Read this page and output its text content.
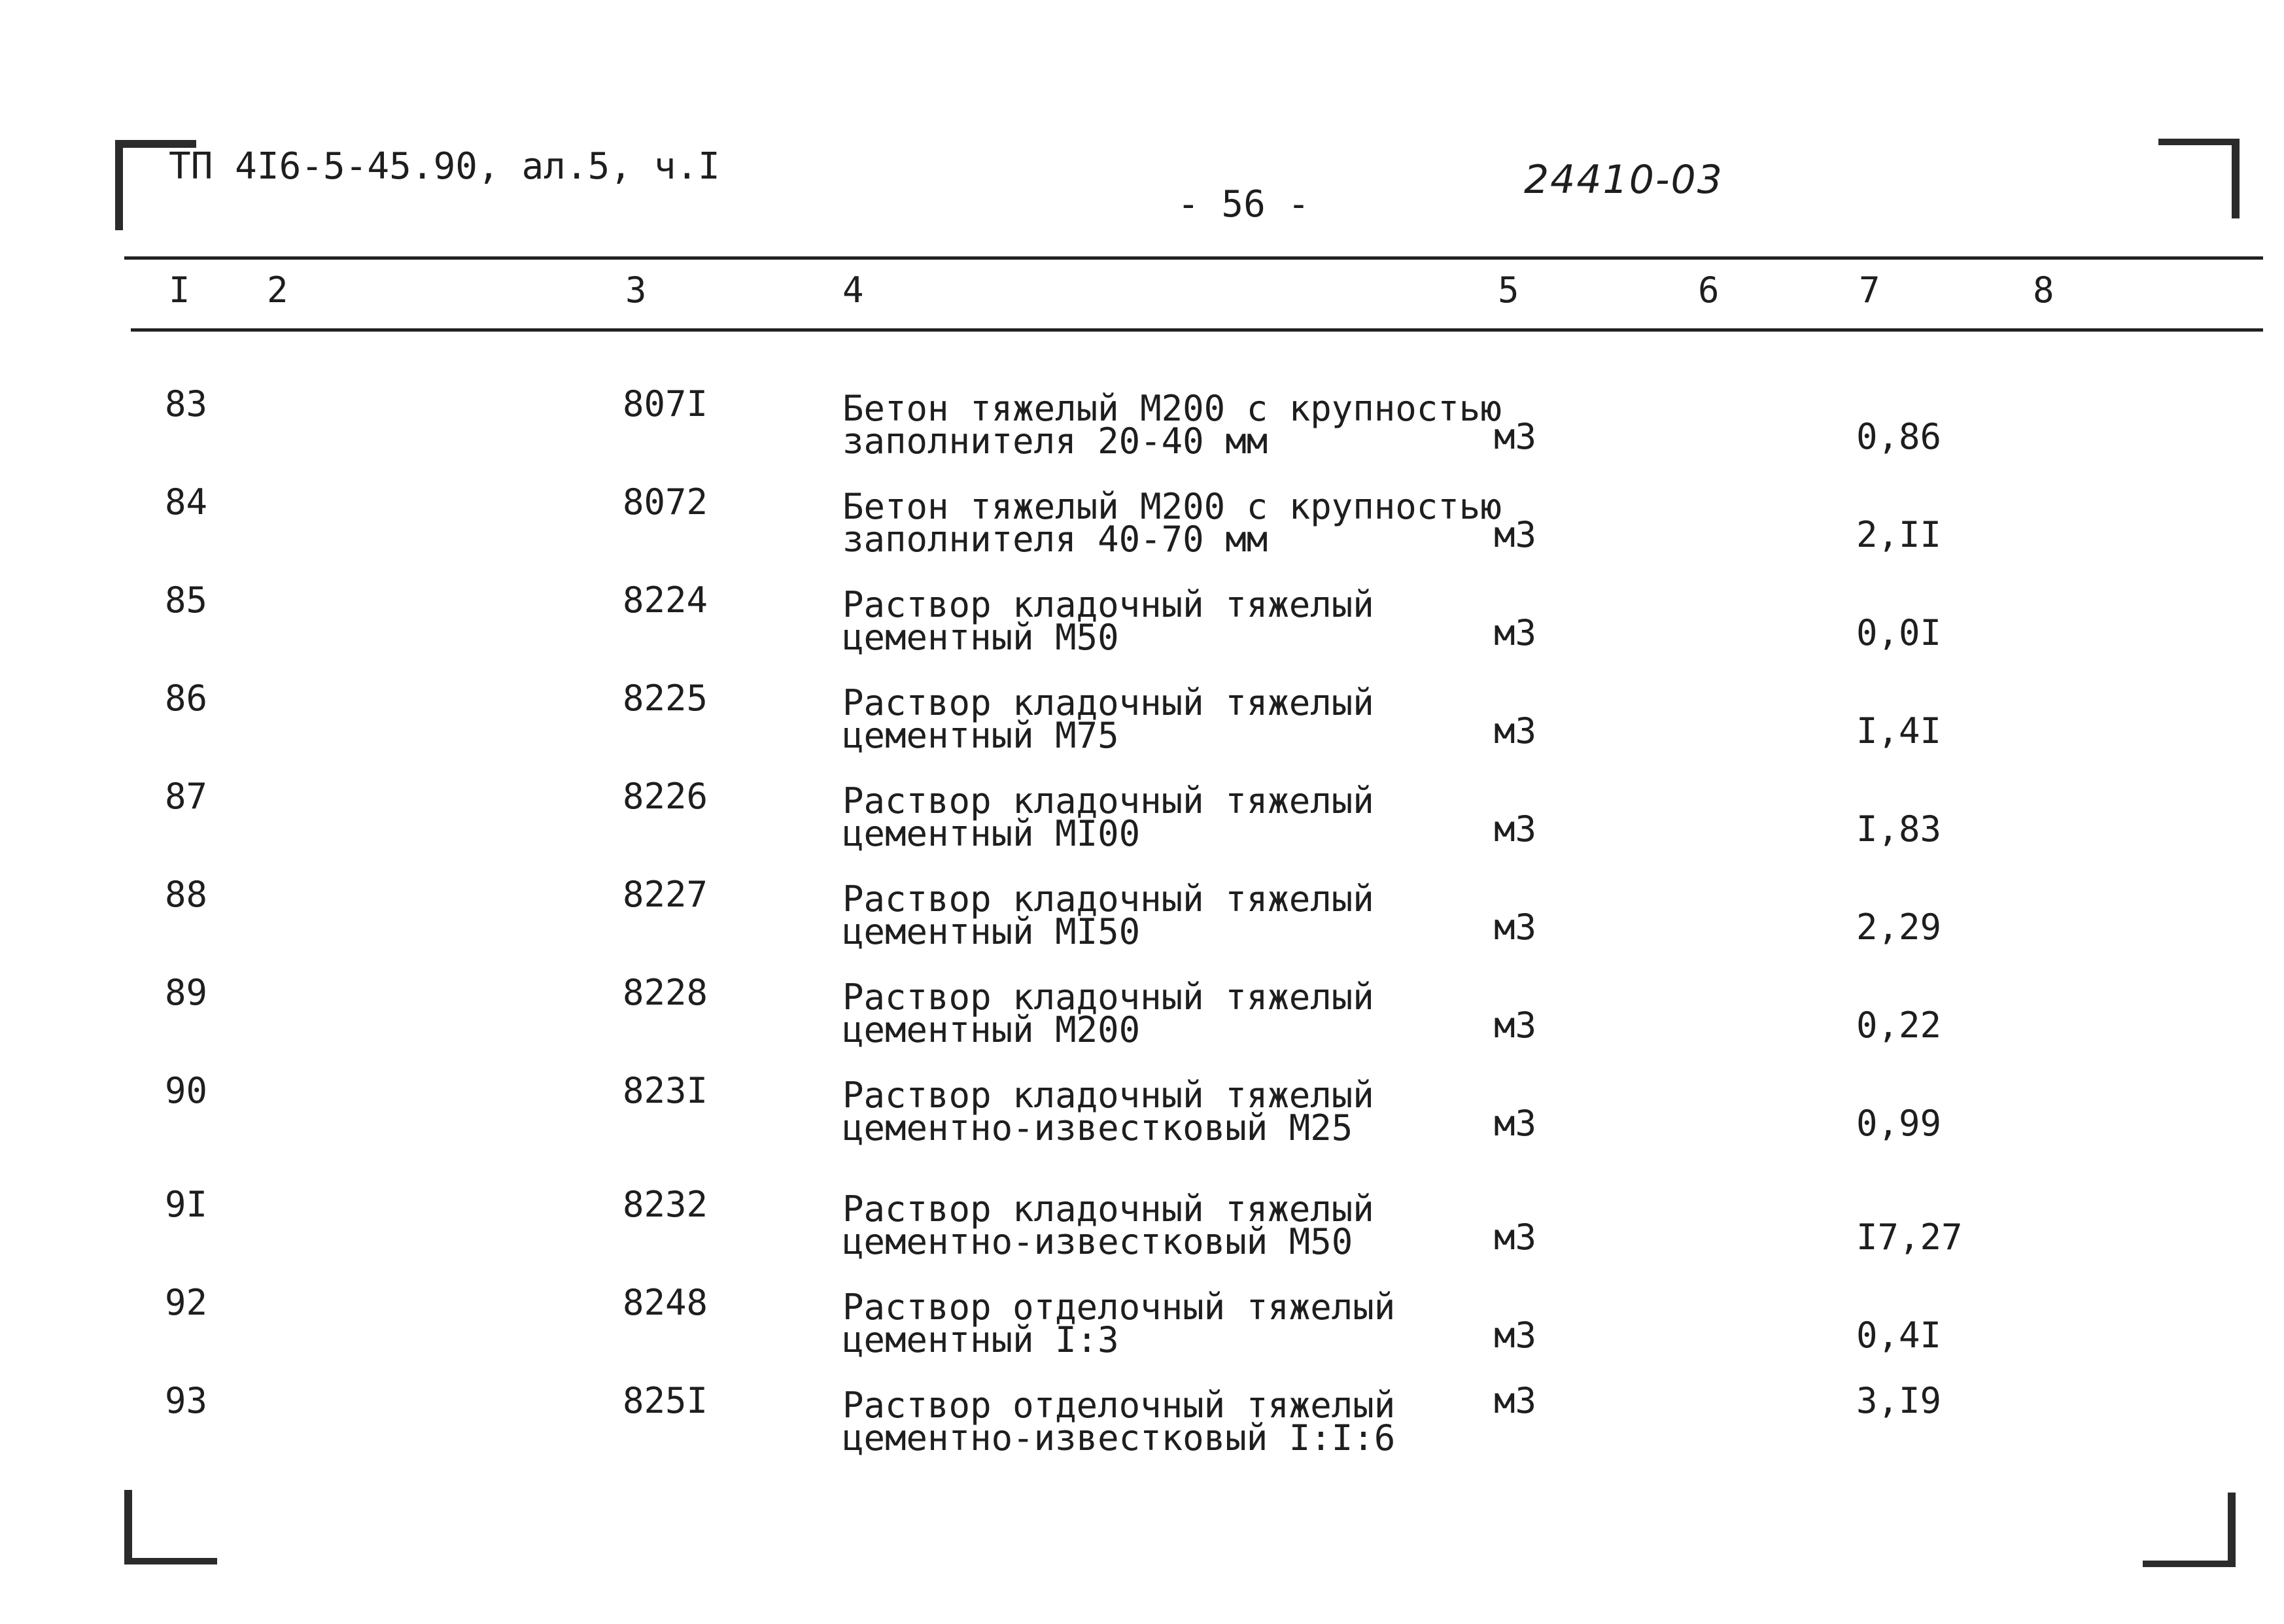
ТП 4I6-5-45.90, ал.5, ч.I
- 56 -
24410-03
I 2	3	4	5	6	7	8
83	807I	Бетон тяжелый М200 с крупностью
заполнителя 20-40 мм	м3	0,86
84	8072	Бетон тяжелый М200 с крупностью
заполнителя 40-70 мм	м3	2,II
85	8224	Раствор кладочный тяжелый
цементный М50	м3	0,0I
86	8225	Раствор кладочный тяжелый
цементный М75	м3	I,4I
87	8226	Раствор кладочный тяжелый
цементный МI00	м3	I,83
88	8227	Раствор кладочный тяжелый
цементный МI50	м3	2,29
89	8228	Раствор кладочный тяжелый
цементный М200	м3	0,22
90	823I	Раствор кладочный тяжелый
цементно-известковый М25	м3	0,99
9I	8232	Раствор кладочный тяжелый
цементно-известковый М50	м3	I7,27
92	8248	Раствор отделочный тяжелый
цементный I:3	м3	0,4I
93	825I	Раствор отделочный тяжелый
цементно-известковый I:I:6
м3	3,I9
